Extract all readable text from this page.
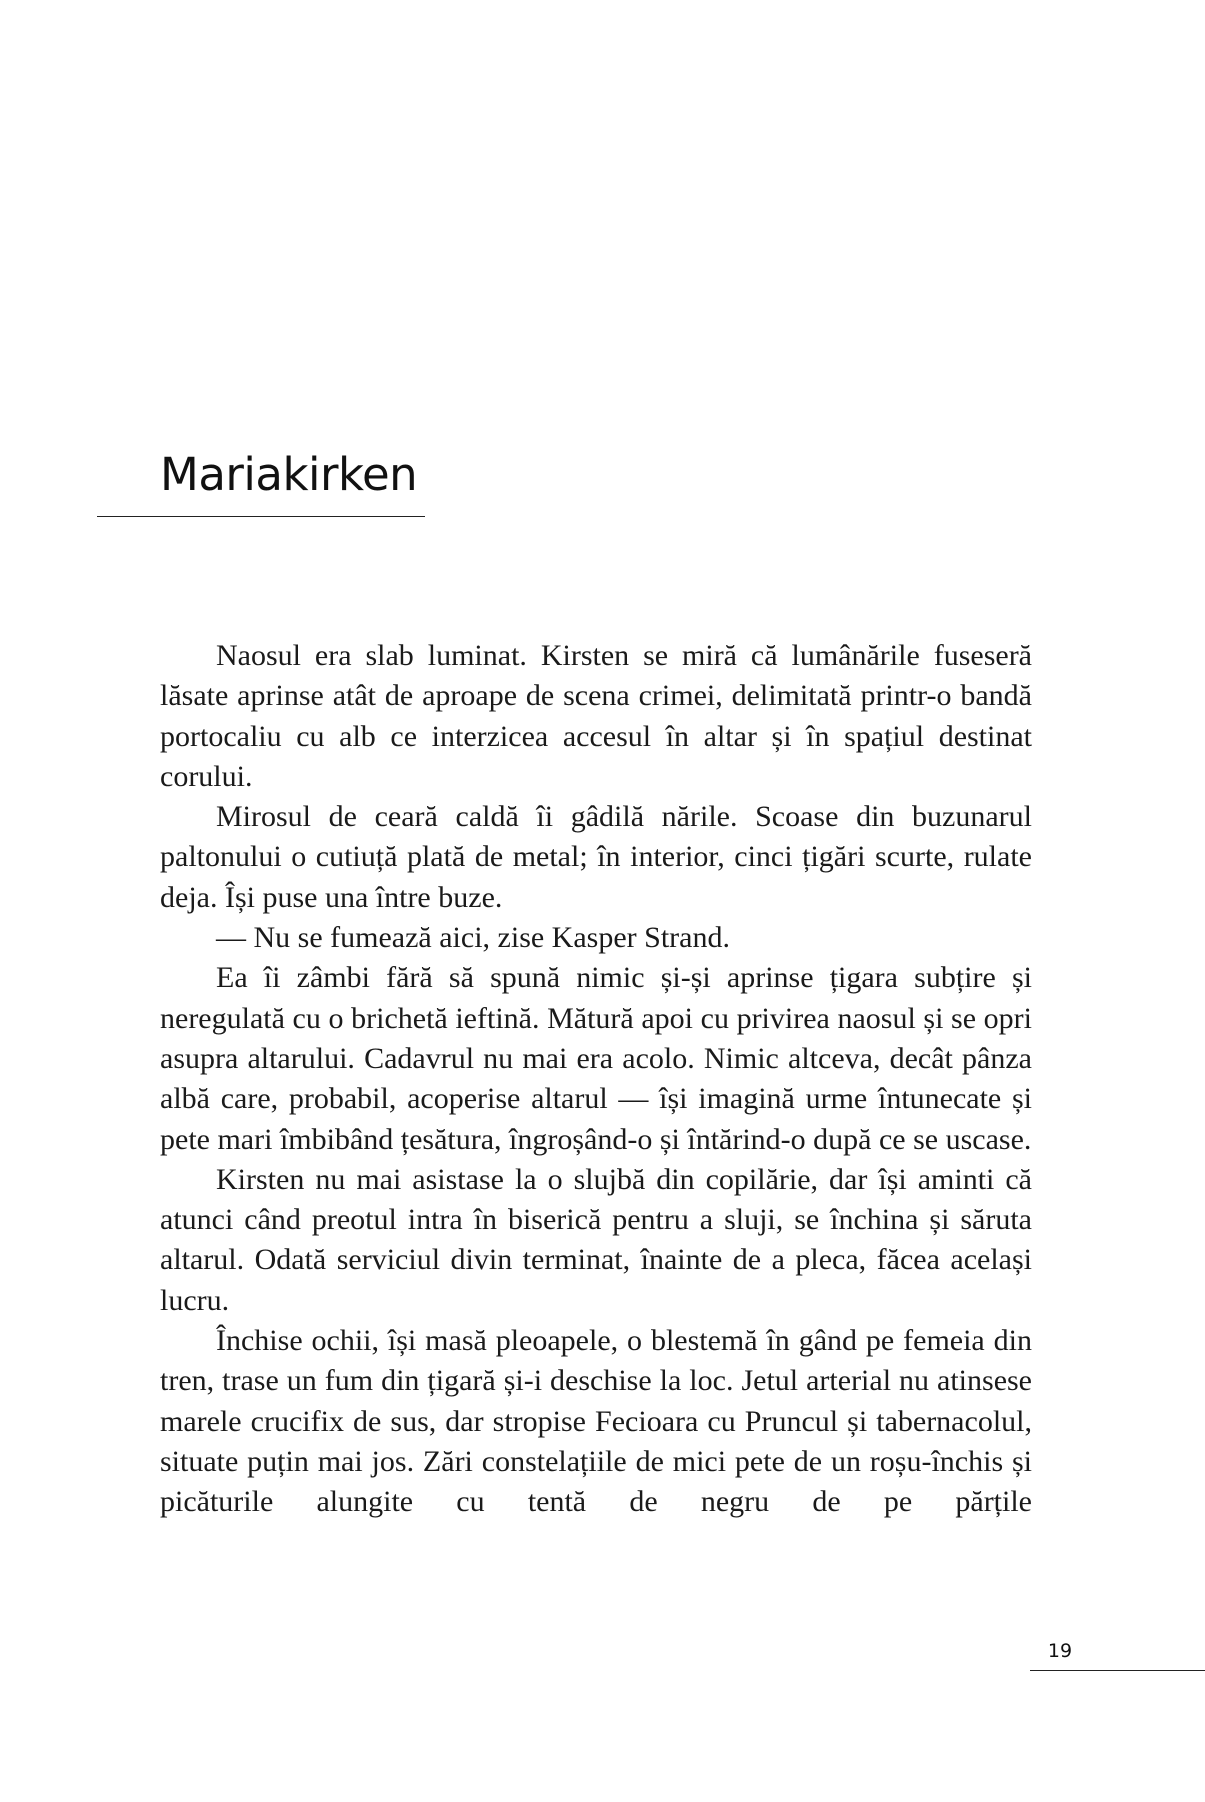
Mariakirken

Naosul era slab luminat. Kirsten se miră că lumânările fuseseră lăsate aprinse atât de aproape de scena crimei, delimitată printr-o bandă portocaliu cu alb ce interzicea accesul în altar și în spațiul destinat corului.

Mirosul de ceară caldă îi gâdilă nările. Scoase din buzunarul paltonului o cutiuță plată de metal; în interior, cinci țigări scurte, rulate deja. Își puse una între buze.

— Nu se fumează aici, zise Kasper Strand.

Ea îi zâmbi fără să spună nimic și-și aprinse țigara subțire și neregulată cu o brichetă ieftină. Mătură apoi cu privirea naosul și se opri asupra altarului. Cadavrul nu mai era acolo. Nimic altceva, decât pânza albă care, probabil, acoperise altarul — își imagină urme întunecate și pete mari îmbibând țesătura, îngroșând-o și întărind-o după ce se uscase.

Kirsten nu mai asistase la o slujbă din copilărie, dar își aminti că atunci când preotul intra în biserică pentru a sluji, se închina și săruta altarul. Odată serviciul divin terminat, înainte de a pleca, făcea același lucru.

Închise ochii, își masă pleoapele, o blestemă în gând pe femeia din tren, trase un fum din țigară și-i deschise la loc. Jetul arterial nu atinsese marele crucifix de sus, dar stropise Fecioara cu Pruncul și tabernacolul, situate puțin mai jos. Zări constelațiile de mici pete de un roșu-închis și picăturile alungite cu tentă de negru de pe părțile

19
